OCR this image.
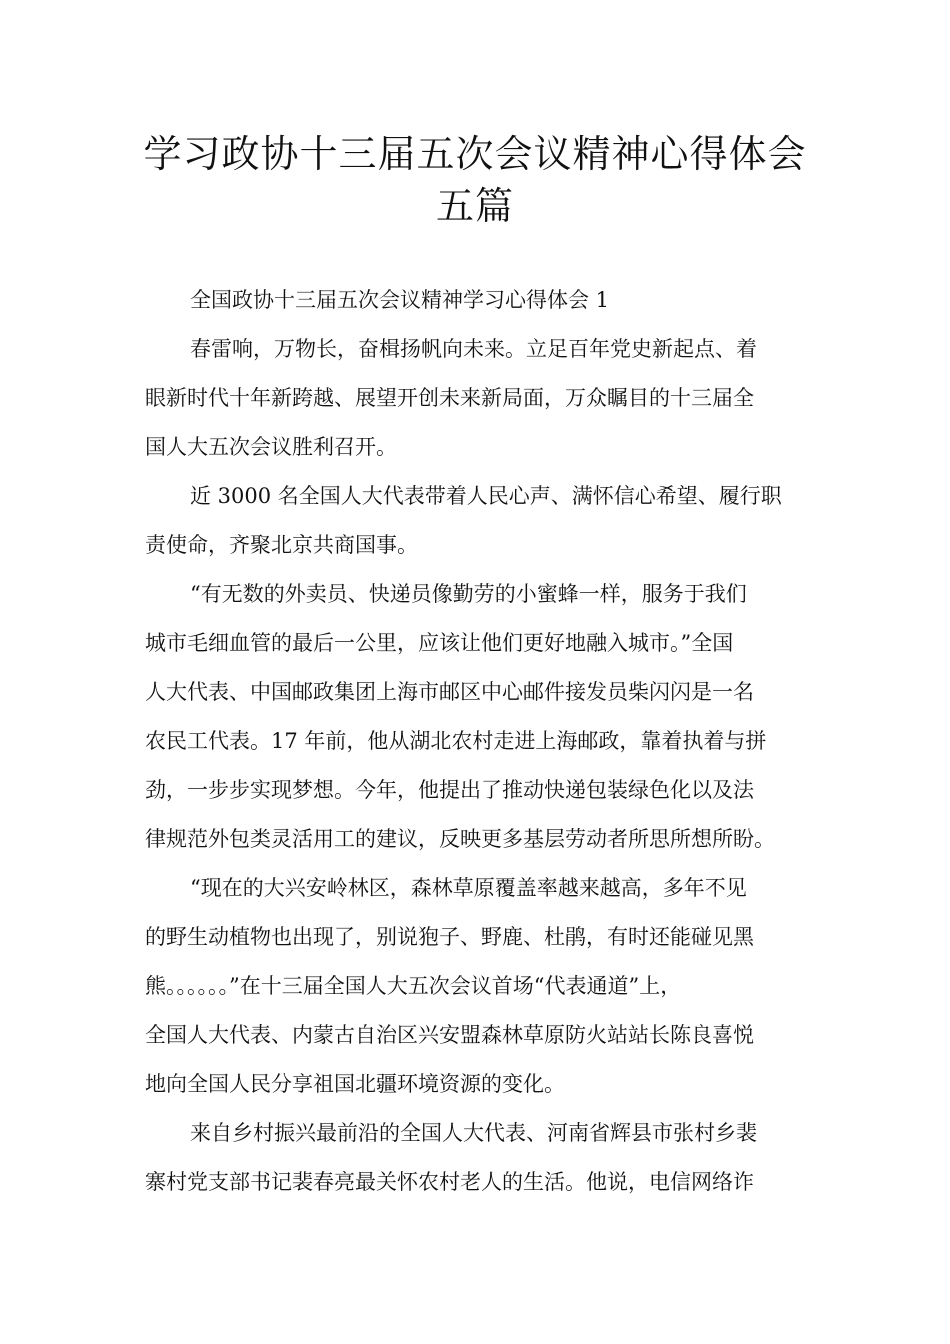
学习政协十三届五次会议精神心得体会
五篇
全国政协十三届五次会议精神学习心得体会 1
春雷响，万物长，奋楫扬帆向未来。立足百年党史新起点、着
眼新时代十年新跨越、展望开创未来新局面，万众瞩目的十三届全
国人大五次会议胜利召开。
近 3000 名全国人大代表带着人民心声、满怀信心希望、履行职
责使命，齐聚北京共商国事。
“有无数的外卖员、快递员像勤劳的小蜜蜂一样，服务于我们
城市毛细血管的最后一公里，应该让他们更好地融入城市。”全国
人大代表、中国邮政集团上海市邮区中心邮件接发员柴闪闪是一名
农民工代表。17 年前，他从湖北农村走进上海邮政，靠着执着与拼
劲，一步步实现梦想。今年，他提出了推动快递包装绿色化以及法
律规范外包类灵活用工的建议，反映更多基层劳动者所思所想所盼。
“现在的大兴安岭林区，森林草原覆盖率越来越高，多年不见
的野生动植物也出现了，别说狍子、野鹿、杜鹃，有时还能碰见黑
熊。。。。。。”在十三届全国人大五次会议首场“代表通道”上，
全国人大代表、内蒙古自治区兴安盟森林草原防火站站长陈良喜悦
地向全国人民分享祖国北疆环境资源的变化。
来自乡村振兴最前沿的全国人大代表、河南省辉县市张村乡裴
寨村党支部书记裴春亮最关怀农村老人的生活。他说，电信网络诈
